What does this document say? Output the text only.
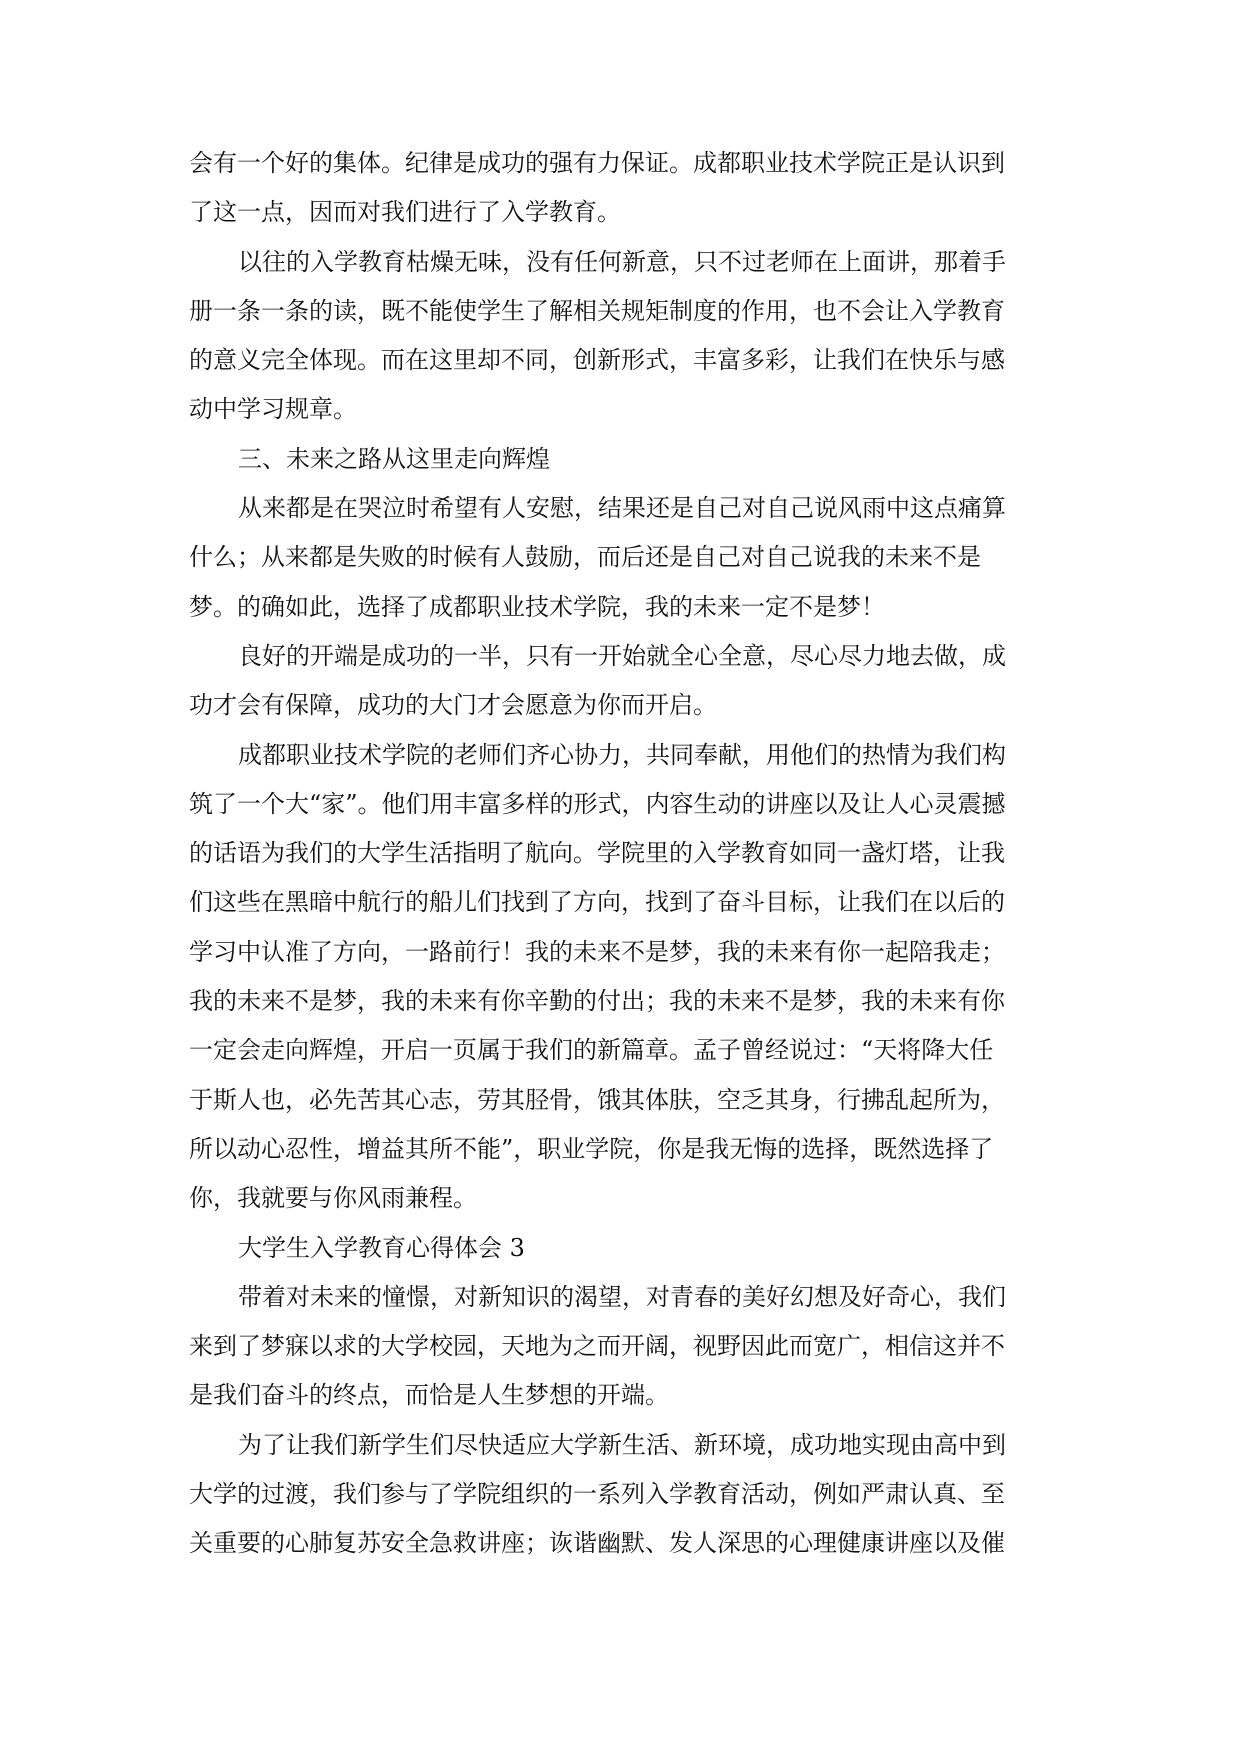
会有一个好的集体。纪律是成功的强有力保证。成都职业技术学院正是认识到
了这一点，因而对我们进行了入学教育。
以往的入学教育枯燥无味，没有任何新意，只不过老师在上面讲，那着手
册一条一条的读，既不能使学生了解相关规矩制度的作用，也不会让入学教育
的意义完全体现。而在这里却不同，创新形式，丰富多彩，让我们在快乐与感
动中学习规章。
三、未来之路从这里走向辉煌
从来都是在哭泣时希望有人安慰，结果还是自己对自己说风雨中这点痛算
什么；从来都是失败的时候有人鼓励，而后还是自己对自己说我的未来不是
梦。的确如此，选择了成都职业技术学院，我的未来一定不是梦！
良好的开端是成功的一半，只有一开始就全心全意，尽心尽力地去做，成
功才会有保障，成功的大门才会愿意为你而开启。
成都职业技术学院的老师们齐心协力，共同奉献，用他们的热情为我们构
筑了一个大“家”。他们用丰富多样的形式，内容生动的讲座以及让人心灵震撼
的话语为我们的大学生活指明了航向。学院里的入学教育如同一盏灯塔，让我
们这些在黑暗中航行的船儿们找到了方向，找到了奋斗目标，让我们在以后的
学习中认准了方向，一路前行！我的未来不是梦，我的未来有你一起陪我走；
我的未来不是梦，我的未来有你辛勤的付出；我的未来不是梦，我的未来有你
一定会走向辉煌，开启一页属于我们的新篇章。孟子曾经说过：“天将降大任
于斯人也，必先苦其心志，劳其胫骨，饿其体肤，空乏其身，行拂乱起所为，
所以动心忍性，增益其所不能”，职业学院，你是我无悔的选择，既然选择了
你，我就要与你风雨兼程。
大学生入学教育心得体会 3
带着对未来的憧憬，对新知识的渴望，对青春的美好幻想及好奇心，我们
来到了梦寐以求的大学校园，天地为之而开阔，视野因此而宽广，相信这并不
是我们奋斗的终点，而恰是人生梦想的开端。
为了让我们新学生们尽快适应大学新生活、新环境，成功地实现由高中到
大学的过渡，我们参与了学院组织的一系列入学教育活动，例如严肃认真、至
关重要的心肺复苏安全急救讲座；诙谐幽默、发人深思的心理健康讲座以及催
